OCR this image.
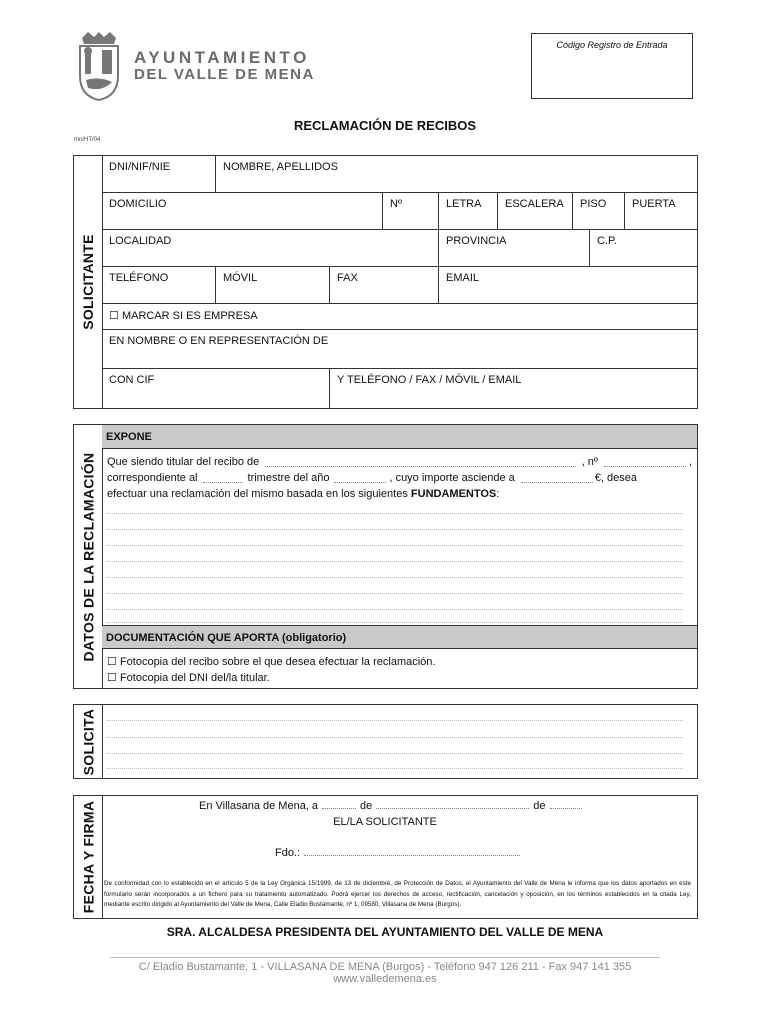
AYUNTAMIENTO
DEL VALLE DE MENA
Código Registro de Entrada
RECLAMACIÓN DE RECIBOS
mn/HT/04
SOLICITANTE
DNI/NIF/NIE	NOMBRE, APELLIDOS
DOMICILIO	Nº	LETRA	ESCALERA	PISO	PUERTA
LOCALIDAD	PROVINCIA	C.P.
TELÉFONO	MÓVIL	FAX	EMAIL
☐ MARCAR SI ES EMPRESA
EN NOMBRE O EN REPRESENTACIÓN DE
CON CIF	Y TELÉFONO / FAX / MÓVIL / EMAIL
DATOS DE LA RECLAMACIÓN
EXPONE
Que siendo titular del recibo de	, nº	,
correspondiente al	trimestre del año	, cuyo importe asciende a	€, desea
efectuar una reclamación del mismo basada en los siguientes FUNDAMENTOS:
DOCUMENTACIÓN QUE APORTA (obligatorio)
☐ Fotocopia del recibo sobre el que desea efectuar la reclamación.
☐ Fotocopia del DNI del/la titular.
SOLICITA
FECHA Y FIRMA	En Villasana de Mena, a	de	de
EL/LA SOLICITANTE
Fdo.:
De conformidad con lo establecido en el artículo 5 de la Ley Orgánica 15/1999, de 13 de diciembre, de Protección de Datos, el Ayuntamiento del Valle de Mena le informa que los datos aportados en este formulario serán incorporados a un fichero para su tratamiento automatizado. Podrá ejercer los derechos de acceso, rectificación, cancelación y oposición, en los términos establecidos en la citada Ley, mediante escrito dirigido al Ayuntamiento del Valle de Mena, Calle Eladio Bustamante, nº 1, 09580, Villasana de Mena (Burgos).
SRA. ALCALDESA PRESIDENTA DEL AYUNTAMIENTO DEL VALLE DE MENA
C/ Eladio Bustamante, 1 - VILLASANA DE MENA (Burgos) - Teléfono 947 126 211 - Fax 947 141 355
www.valledemena.es
